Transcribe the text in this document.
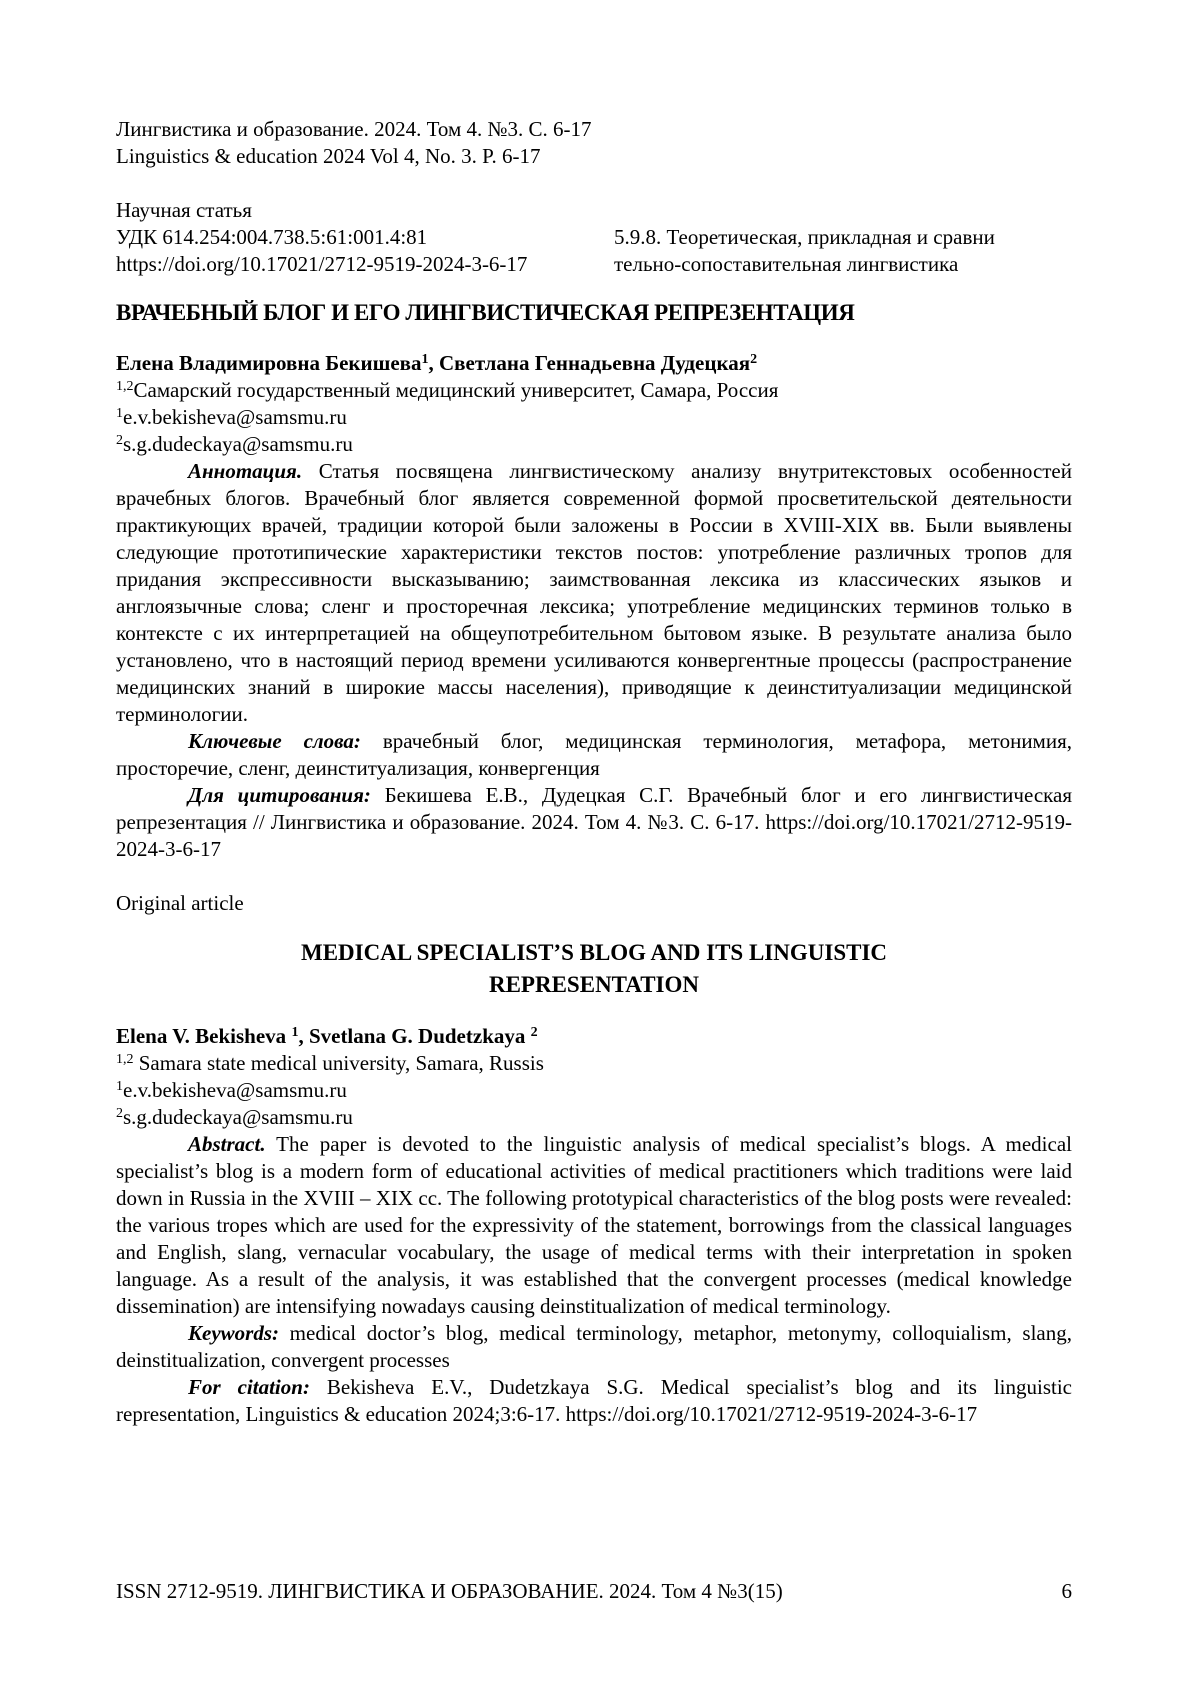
Лингвистика и образование. 2024. Том 4. №3. С. 6-17
Linguistics & education 2024 Vol 4, No. 3. P. 6-17
Научная статья
УДК 614.254:004.738.5:61:001.4:81	5.9.8. Теоретическая, прикладная и сравни
https://doi.org/10.17021/2712-9519-2024-3-6-17	тельно-сопоставительная лингвистика
ВРАЧЕБНЫЙ БЛОГ И ЕГО ЛИНГВИСТИЧЕСКАЯ РЕПРЕЗЕНТАЦИЯ
Елена Владимировна Бекишева$^1$, Светлана Геннадьевна Дудецкая$^2$
$^{1,2}$Самарский государственный медицинский университет, Самара, Россия
$^1$e.v.bekisheva@samsmu.ru
$^2$s.g.dudeckaya@samsmu.ru
Аннотация. Статья посвящена лингвистическому анализу внутритекстовых особенностей врачебных блогов. Врачебный блог является современной формой просветительской деятельности практикующих врачей, традиции которой были заложены в России в XVIII-XIX вв. Были выявлены следующие прототипические характеристики текстов постов: употребление различных тропов для придания экспрессивности высказыванию; заимствованная лексика из классических языков и англоязычные слова; сленг и просторечная лексика; употребление медицинских терминов только в контексте с их интерпретацией на общеупотребительном бытовом языке. В результате анализа было установлено, что в настоящий период времени усиливаются конвергентные процессы (распространение медицинских знаний в широкие массы населения), приводящие к деинституализации медицинской терминологии.
Ключевые слова: врачебный блог, медицинская терминология, метафора, метонимия, просторечие, сленг, деинституализация, конвергенция
Для цитирования: Бекишева Е.В., Дудецкая С.Г. Врачебный блог и его лингвистическая репрезентация // Лингвистика и образование. 2024. Том 4. №3. С. 6-17. https://doi.org/10.17021/2712-9519-2024-3-6-17
Original article
MEDICAL SPECIALIST’S BLOG AND ITS LINGUISTIC
REPRESENTATION
Elena V. Bekisheva $^1$, Svetlana G. Dudetzkaya $^2$
$^{1,2}$ Samara state medical university, Samara, Russis
$^1$e.v.bekisheva@samsmu.ru
$^2$s.g.dudeckaya@samsmu.ru
Abstract. The paper is devoted to the linguistic analysis of medical specialist’s blogs. A medical specialist’s blog is a modern form of educational activities of medical practitioners which traditions were laid down in Russia in the XVIII – XIX cc. The following prototypical characteristics of the blog posts were revealed: the various tropes which are used for the expressivity of the statement, borrowings from the classical languages and English, slang, vernacular vocabulary, the usage of medical terms with their interpretation in spoken language. As a result of the analysis, it was established that the convergent processes (medical knowledge dissemination) are intensifying nowadays causing deinstitualization of medical terminology.
Keywords: medical doctor’s blog, medical terminology, metaphor, metonymy, colloquialism, slang, deinstitualization, convergent processes
For citation: Bekisheva E.V., Dudetzkaya S.G. Medical specialist’s blog and its linguistic representation, Linguistics & education 2024;3:6-17. https://doi.org/10.17021/2712-9519-2024-3-6-17
ISSN 2712-9519. ЛИНГВИСТИКА И ОБРАЗОВАНИЕ. 2024. Том 4 №3(15)	6
